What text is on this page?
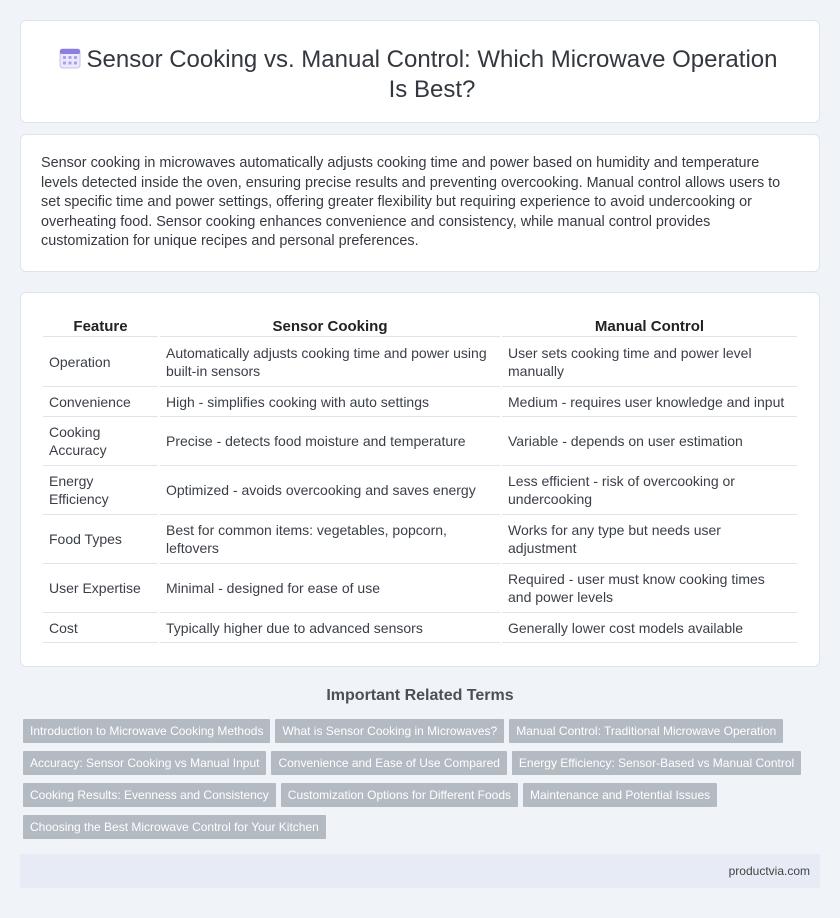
Sensor Cooking vs. Manual Control: Which Microwave Operation Is Best?

Sensor cooking in microwaves automatically adjusts cooking time and power based on humidity and temperature levels detected inside the oven, ensuring precise results and preventing overcooking. Manual control allows users to set specific time and power settings, offering greater flexibility but requiring experience to avoid undercooking or overheating food. Sensor cooking enhances convenience and consistency, while manual control provides customization for unique recipes and personal preferences.

Feature	Sensor Cooking	Manual Control
Operation	Automatically adjusts cooking time and power using built-in sensors	User sets cooking time and power level manually
Convenience	High - simplifies cooking with auto settings	Medium - requires user knowledge and input
Cooking Accuracy	Precise - detects food moisture and temperature	Variable - depends on user estimation
Energy Efficiency	Optimized - avoids overcooking and saves energy	Less efficient - risk of overcooking or undercooking
Food Types	Best for common items: vegetables, popcorn, leftovers	Works for any type but needs user adjustment
User Expertise	Minimal - designed for ease of use	Required - user must know cooking times and power levels
Cost	Typically higher due to advanced sensors	Generally lower cost models available
Important Related Terms
Introduction to Microwave Cooking Methods What is Sensor Cooking in Microwaves? Manual Control: Traditional Microwave OperationAccuracy: Sensor Cooking vs Manual Input Convenience and Ease of Use Compared Energy Efficiency: Sensor-Based vs Manual ControlCooking Results: Evenness and Consistency Customization Options for Different Foods Maintenance and Potential IssuesChoosing the Best Microwave Control for Your Kitchen
productvia.com
